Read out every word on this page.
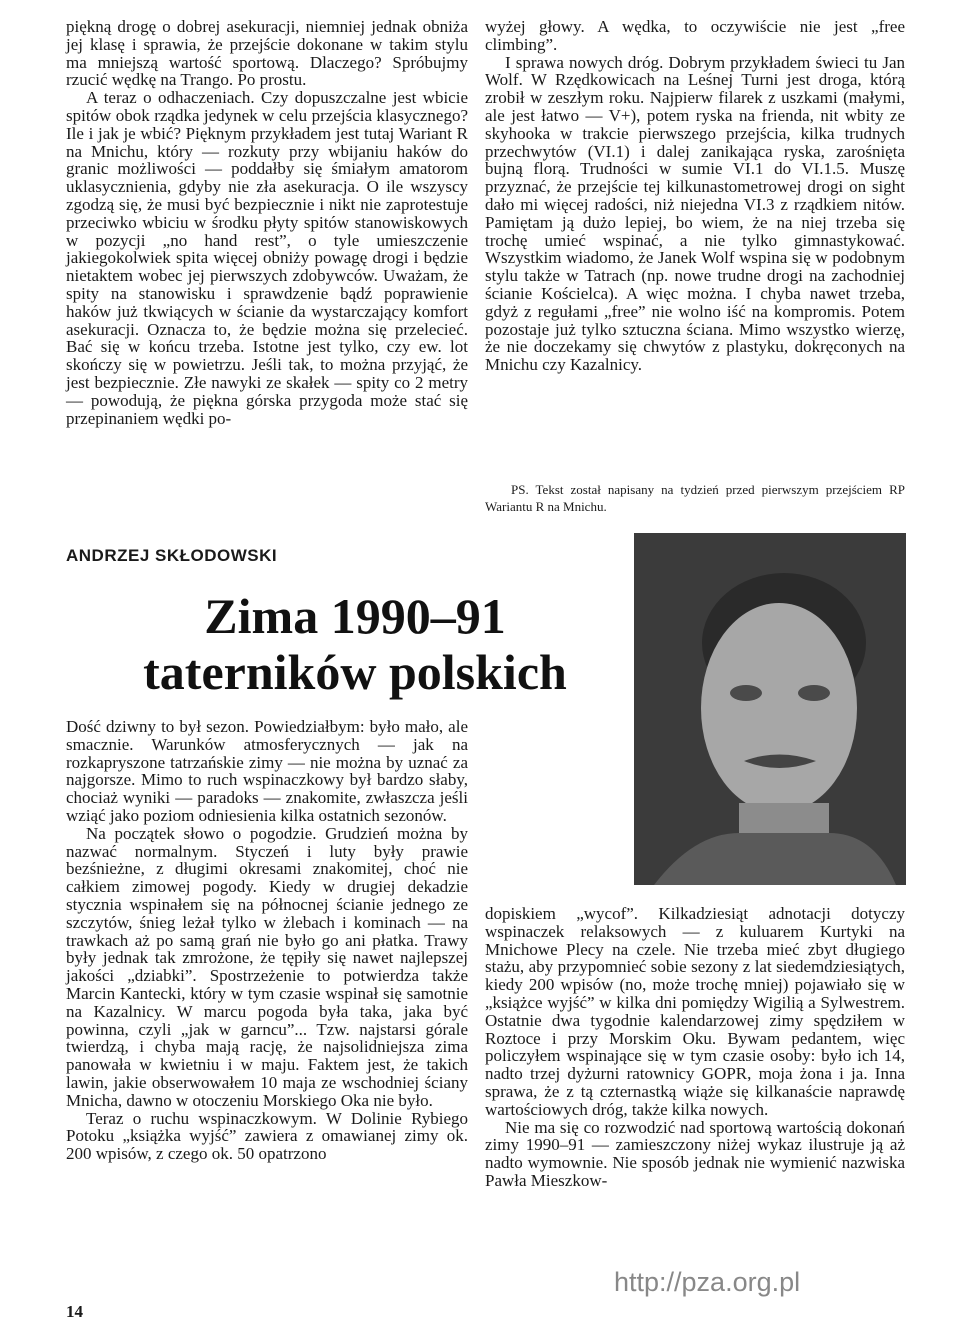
piękną drogę o dobrej asekuracji, niemniej jednak obniża jej klasę i sprawia, że przejście dokonane w takim stylu ma mniejszą wartość sportową. Dlaczego? Spróbujmy rzucić wędkę na Trango. Po prostu.

A teraz o odhaczeniach. Czy dopuszczalne jest wbicie spitów obok rządka jedynek w celu przejścia klasycznego? Ile i jak je wbić? Pięknym przykładem jest tutaj Wariant R na Mnichu, który — rozkuty przy wbijaniu haków do granic możliwości — poddałby się śmiałym amatorom uklasycznienia, gdyby nie zła asekuracja. O ile wszyscy zgodzą się, że musi być bezpiecznie i nikt nie zaprotestuje przeciwko wbiciu w środku płyty spitów stanowiskowych w pozycji „no hand rest”, o tyle umieszczenie jakiegokolwiek spita więcej obniży powagę drogi i będzie nietaktem wobec jej pierwszych zdobywców. Uważam, że spity na stanowisku i sprawdzenie bądź poprawienie haków już tkwiących w ścianie da wystarczający komfort asekuracji. Oznacza to, że będzie można się przelecieć. Bać się w końcu trzeba. Istotne jest tylko, czy ew. lot skończy się w powietrzu. Jeśli tak, to można przyjąć, że jest bezpiecznie. Złe nawyki ze skałek — spity co 2 metry — powodują, że piękna górska przygoda może stać się przepinaniem wędki po-

wyżej głowy. A wędka, to oczywiście nie jest „free climbing”.

I sprawa nowych dróg. Dobrym przykładem świeci tu Jan Wolf. W Rzędkowicach na Leśnej Turni jest droga, którą zrobił w zeszłym roku. Najpierw filarek z uszkami (małymi, ale jest łatwo — V+), potem ryska na frienda, nit wbity ze skyhooka w trakcie pierwszego przejścia, kilka trudnych przechwytów (VI.1) i dalej zanikająca ryska, zarośnięta bujną florą. Trudności w sumie VI.1 do VI.1.5. Muszę przyznać, że przejście tej kilkunastometrowej drogi on sight dało mi więcej radości, niż niejedna VI.3 z rządkiem nitów. Pamiętam ją dużo lepiej, bo wiem, że na niej trzeba się trochę umieć wspinać, a nie tylko gimnastykować. Wszystkim wiadomo, że Janek Wolf wspina się w podobnym stylu także w Tatrach (np. nowe trudne drogi na zachodniej ścianie Kościelca). A więc można. I chyba nawet trzeba, gdyż z regułami „free” nie wolno iść na kompromis. Potem pozostaje już tylko sztuczna ściana. Mimo wszystko wierzę, że nie doczekamy się chwytów z plastyku, dokręconych na Mnichu czy Kazalnicy.

PS. Tekst został napisany na tydzień przed pierwszym przejściem RP Wariantu R na Mnichu.

ANDRZEJ SKŁODOWSKI

Zima 1990–91
taterników polskich

Dość dziwny to był sezon. Powiedziałbym: było mało, ale smacznie. Warunków atmosferycznych — jak na rozkapryszone tatrzańskie zimy — nie można by uznać za najgorsze. Mimo to ruch wspinaczkowy był bardzo słaby, chociaż wyniki — paradoks — znakomite, zwłaszcza jeśli wziąć jako poziom odniesienia kilka ostatnich sezonów.

Na początek słowo o pogodzie. Grudzień można by nazwać normalnym. Styczeń i luty były prawie bezśnieżne, z długimi okresami znakomitej, choć nie całkiem zimowej pogody. Kiedy w drugiej dekadzie stycznia wspinałem się na północnej ścianie jednego ze szczytów, śnieg leżał tylko w żlebach i kominach — na trawkach aż po samą grań nie było go ani płatka. Trawy były jednak tak zmrożone, że tępiły się nawet najlepszej jakości „dziabki”. Spostrzeżenie to potwierdza także Marcin Kantecki, który w tym czasie wspinał się samotnie na Kazalnicy. W marcu pogoda była taka, jaka być powinna, czyli „jak w garncu”... Tzw. najstarsi górale twierdzą, i chyba mają rację, że najsolidniejsza zima panowała w kwietniu i w maju. Faktem jest, że takich lawin, jakie obserwowałem 10 maja ze wschodniej ściany Mnicha, dawno w otoczeniu Morskiego Oka nie było.

Teraz o ruchu wspinaczkowym. W Dolinie Rybiego Potoku „książka wyjść” zawiera z omawianej zimy ok. 200 wpisów, z czego ok. 50 opatrzono

dopiskiem „wycof”. Kilkadziesiąt adnotacji dotyczy wspinaczek relaksowych — z kuluarem Kurtyki na Mnichowe Plecy na czele. Nie trzeba mieć zbyt długiego stażu, aby przypomnieć sobie sezony z lat siedemdziesiątych, kiedy 200 wpisów (no, może trochę mniej) pojawiało się w „książce wyjść” w kilka dni pomiędzy Wigilią a Sylwestrem. Ostatnie dwa tygodnie kalendarzowej zimy spędziłem w Roztoce i przy Morskim Oku. Bywam pedantem, więc policzyłem wspinające się w tym czasie osoby: było ich 14, nadto trzej dyżurni ratownicy GOPR, moja żona i ja. Inna sprawa, że z tą czternastką wiąże się kilkanaście naprawdę wartościowych dróg, także kilka nowych.

Nie ma się co rozwodzić nad sportową wartością dokonań zimy 1990–91 — zamieszczony niżej wykaz ilustruje ją aż nadto wymownie. Nie sposób jednak nie wymienić nazwiska Pawła Mieszkow-

14

http://pza.org.pl
